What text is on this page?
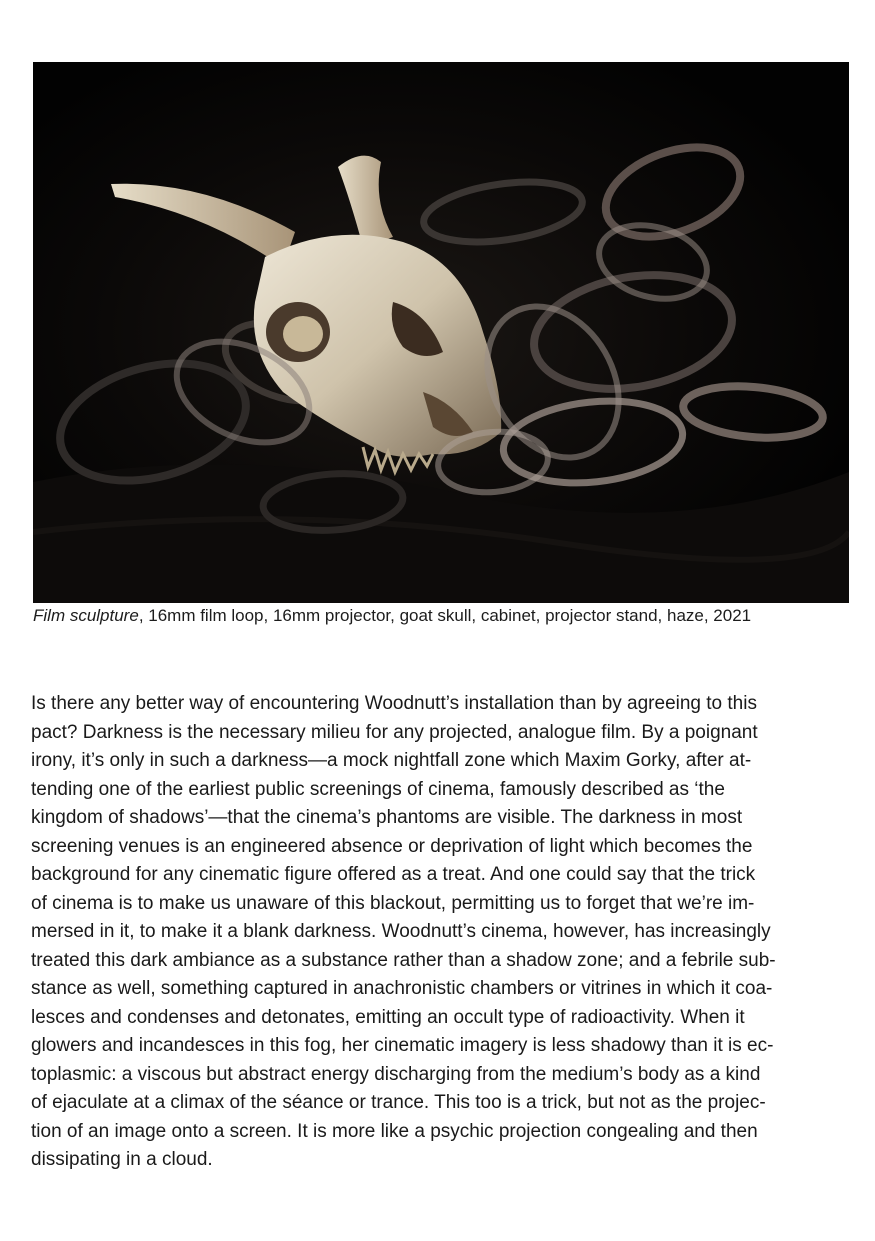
Film sculpture, 16mm film loop, 16mm projector, goat skull, cabinet, projector stand, haze, 2021

Is there any better way of encountering Woodnutt’s installation than by agreeing to this
pact? Darkness is the necessary milieu for any projected, analogue film. By a poignant
irony, it’s only in such a darkness—a mock nightfall zone which Maxim Gorky, after at-
tending one of the earliest public screenings of cinema, famously described as ‘the
kingdom of shadows’—that the cinema’s phantoms are visible. The darkness in most
screening venues is an engineered absence or deprivation of light which becomes the
background for any cinematic figure offered as a treat. And one could say that the trick
of cinema is to make us unaware of this blackout, permitting us to forget that we’re im-
mersed in it, to make it a blank darkness. Woodnutt’s cinema, however, has increasingly
treated this dark ambiance as a substance rather than a shadow zone; and a febrile sub-
stance as well, something captured in anachronistic chambers or vitrines in which it coa-
lesces and condenses and detonates, emitting an occult type of radioactivity. When it
glowers and incandesces in this fog, her cinematic imagery is less shadowy than it is ec-
toplasmic: a viscous but abstract energy discharging from the medium’s body as a kind
of ejaculate at a climax of the séance or trance. This too is a trick, but not as the projec-
tion of an image onto a screen. It is more like a psychic projection congealing and then
dissipating in a cloud.
